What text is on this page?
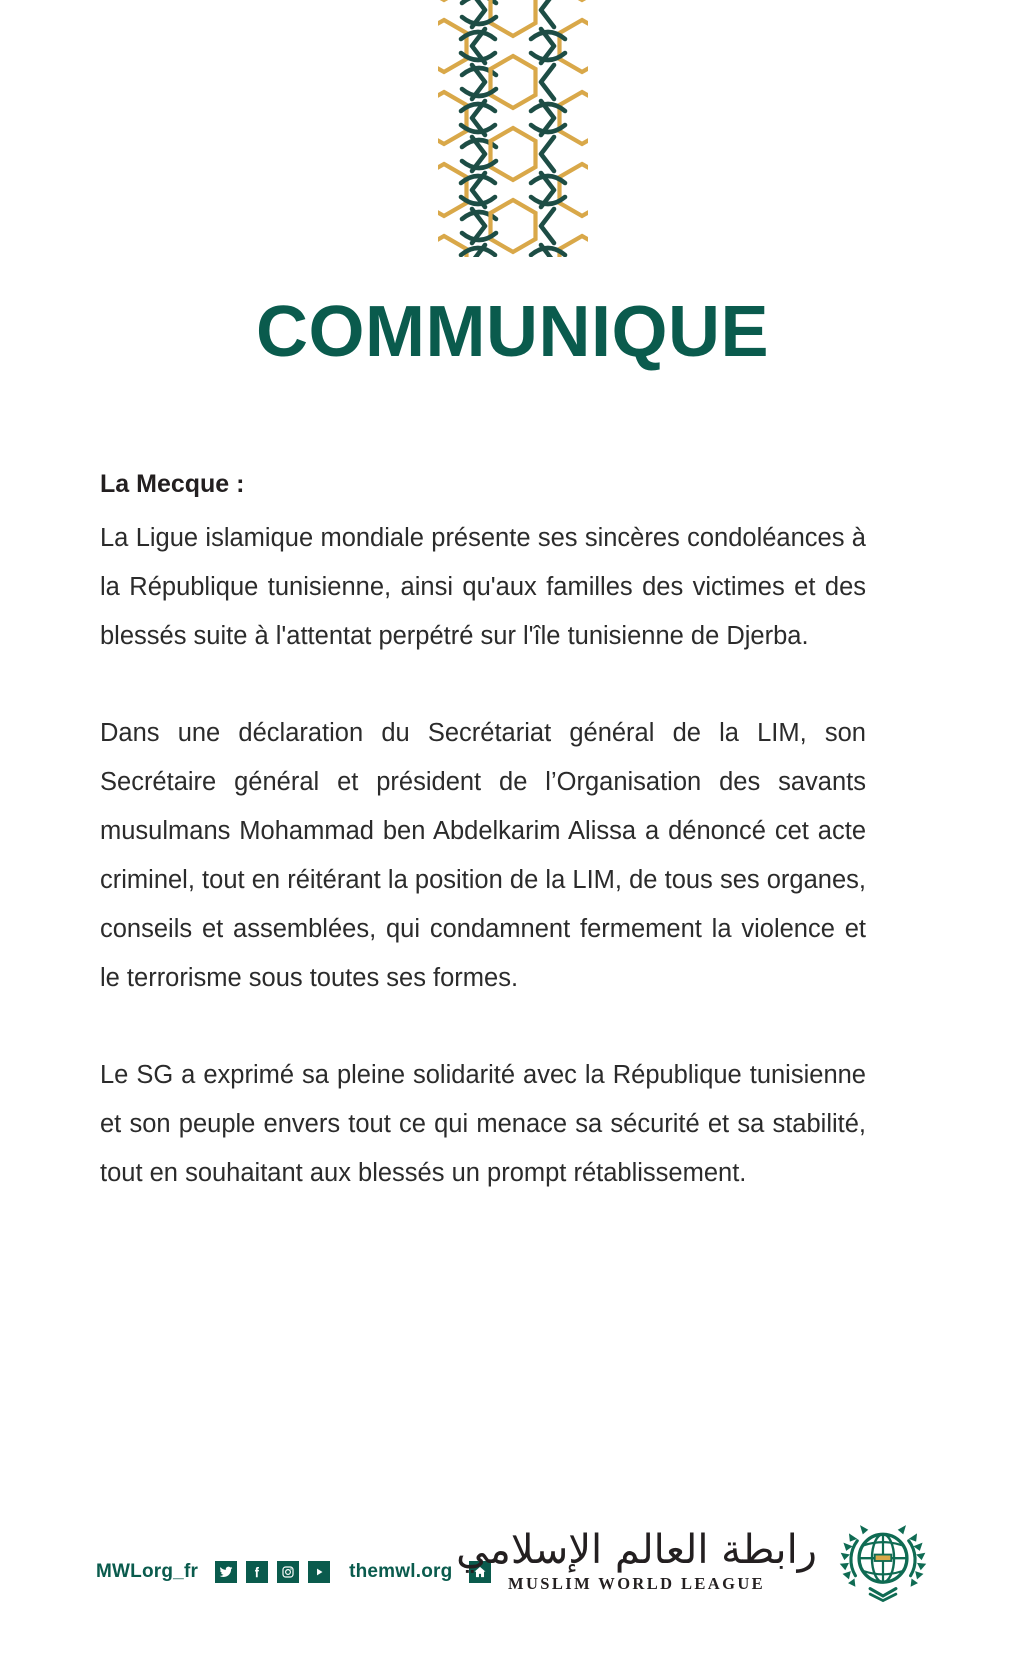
COMMUNIQUE
La Mecque :

La Ligue islamique mondiale présente ses sincères condoléances à la République tunisienne, ainsi qu'aux familles des victimes et des blessés suite à l'attentat perpétré sur l'île tunisienne de Djerba.

Dans une déclaration du Secrétariat général de la LIM, son Secrétaire général et président de l’Organisation des savants musulmans Mohammad ben Abdelkarim Alissa a dénoncé cet acte criminel, tout en réitérant la position de la LIM, de tous ses organes, conseils et assemblées, qui condamnent fermement la violence et le terrorisme sous toutes ses formes.

Le SG a exprimé sa pleine solidarité avec la République tunisienne et son peuple envers tout ce qui menace sa sécurité et sa stabilité, tout en souhaitant aux blessés un prompt rétablissement.

MWLorg_fr	themwl.org رابطة العالم الإسلامي
MUSLIM WORLD LEAGUE
